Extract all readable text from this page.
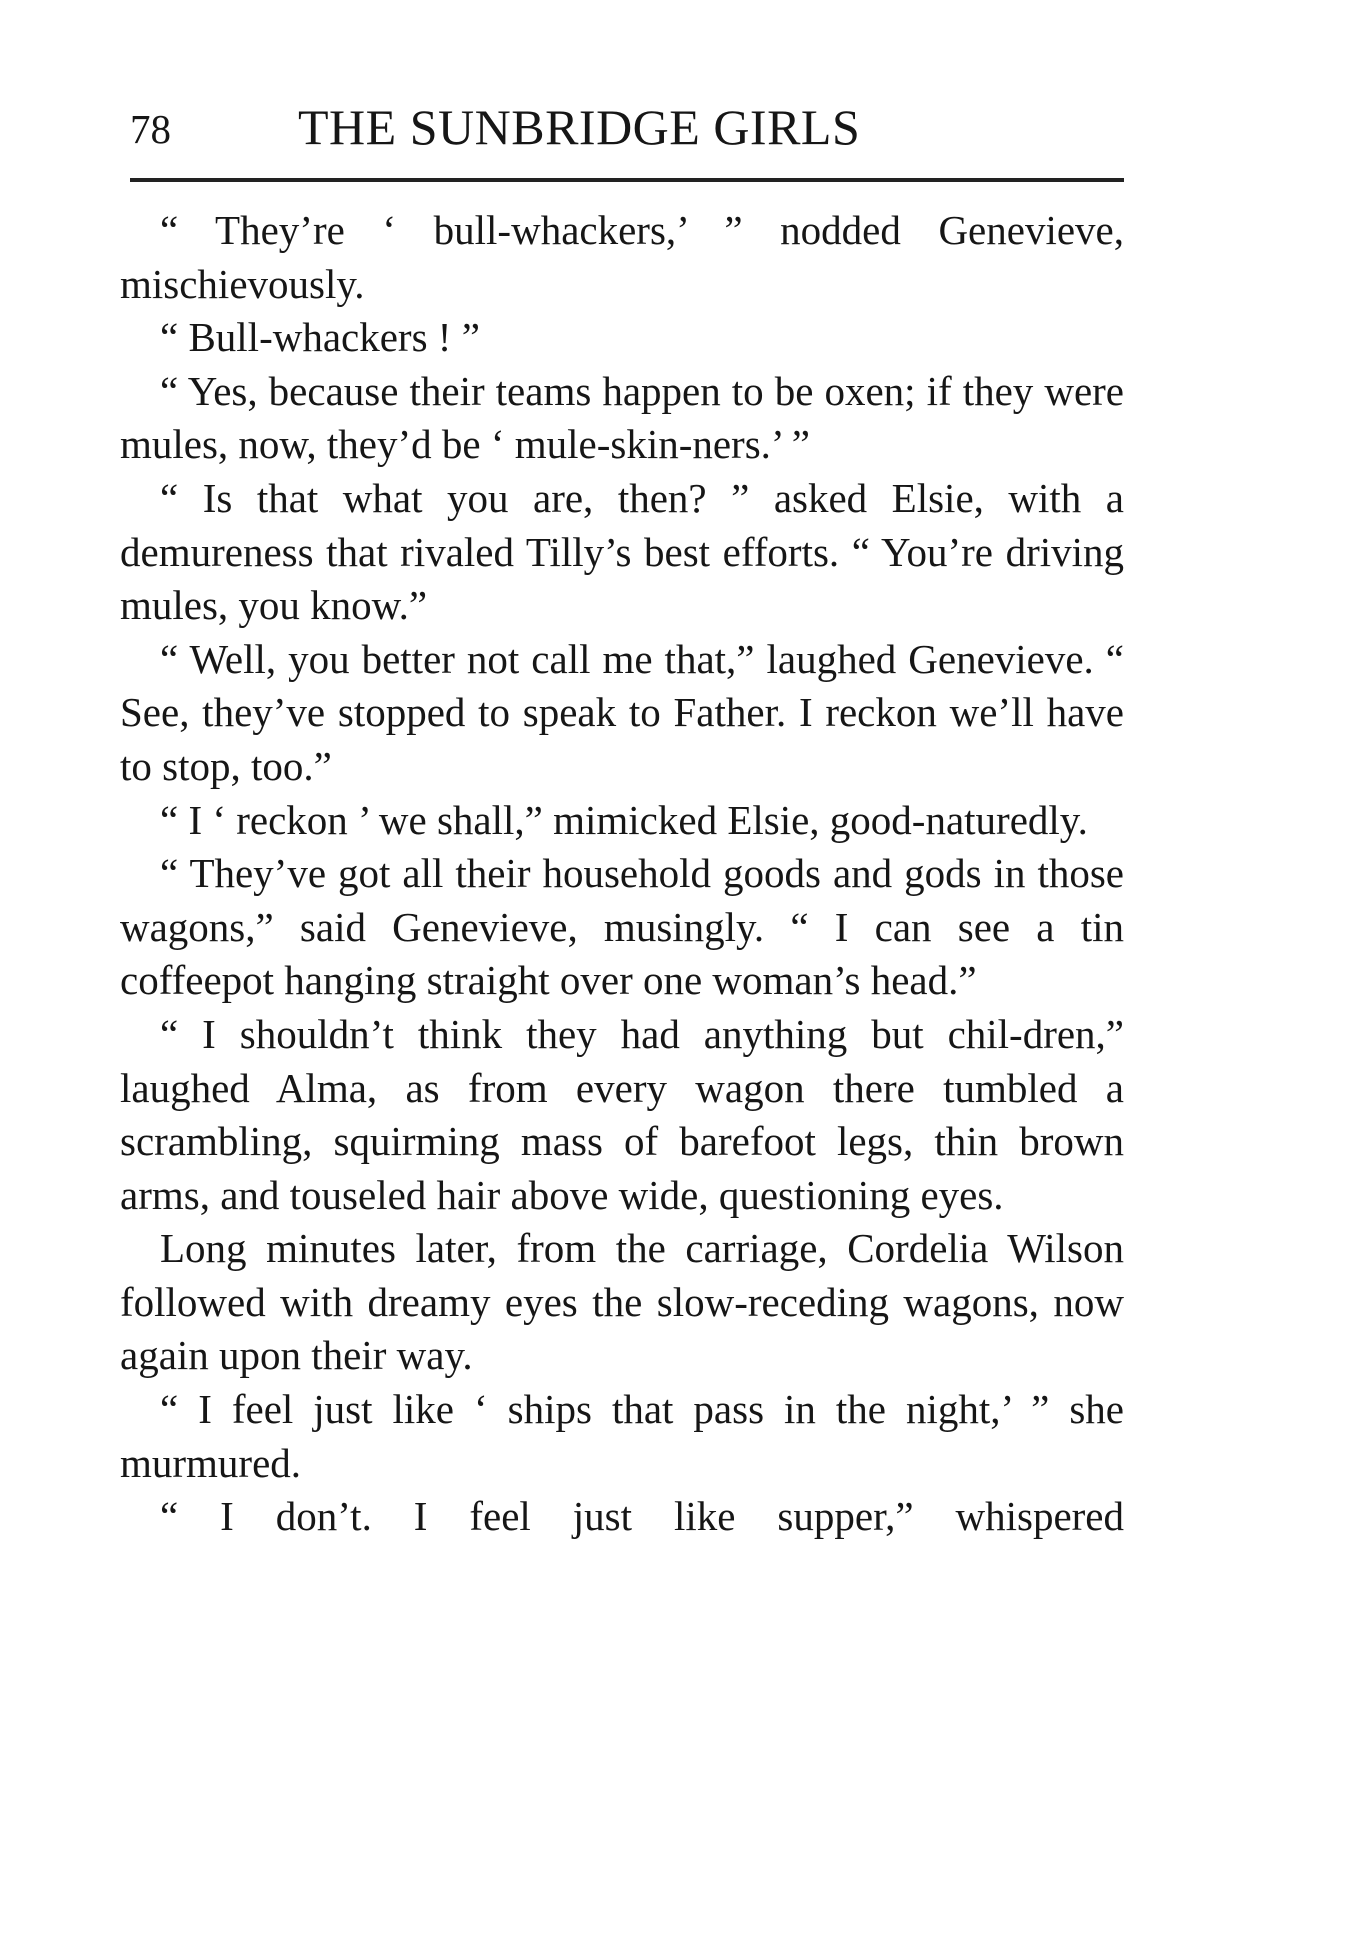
78	THE SUNBRIDGE GIRLS

“ They’re ‘ bull-whackers,’ ” nodded Genevieve, mischievously.

“ Bull-whackers ! ”

“ Yes, because their teams happen to be oxen; if they were mules, now, they’d be ‘ mule-skin-ners.’ ”

“ Is that what you are, then? ” asked Elsie, with a demureness that rivaled Tilly’s best efforts. “ You’re driving mules, you know.”

“ Well, you better not call me that,” laughed Genevieve. “ See, they’ve stopped to speak to Father. I reckon we’ll have to stop, too.”

“ I ‘ reckon ’ we shall,” mimicked Elsie, good-naturedly.

“ They’ve got all their household goods and gods in those wagons,” said Genevieve, musingly. “ I can see a tin coffeepot hanging straight over one woman’s head.”

“ I shouldn’t think they had anything but chil-dren,” laughed Alma, as from every wagon there tumbled a scrambling, squirming mass of barefoot legs, thin brown arms, and touseled hair above wide, questioning eyes.

Long minutes later, from the carriage, Cordelia Wilson followed with dreamy eyes the slow-receding wagons, now again upon their way.

“ I feel just like ‘ ships that pass in the night,’ ” she murmured.

“ I don’t. I feel just like supper,” whispered
